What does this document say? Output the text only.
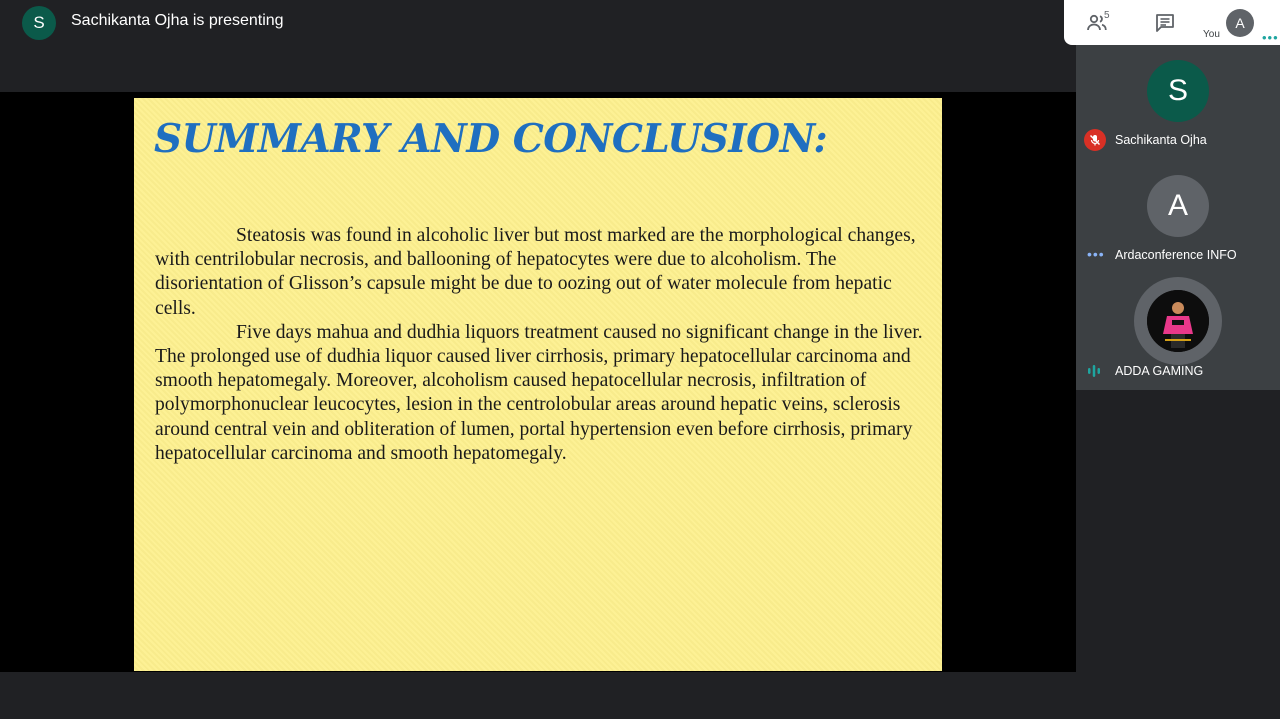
S	Sachikanta Ojha is presenting
SUMMARY AND CONCLUSION:

Steatosis was found in alcoholic liver but most marked are the morphological changes, with centrilobular necrosis, and ballooning of hepatocytes were due to alcoholism. The disorientation of Glisson’s capsule might be due to oozing out of water molecule from hepatic cells.

Five days mahua and dudhia liquors treatment caused no significant change in the liver. The prolonged use of dudhia liquor caused liver cirrhosis, primary hepatocellular carcinoma and smooth hepatomegaly. Moreover, alcoholism caused hepatocellular necrosis, infiltration of polymorphonuclear leucocytes, lesion in the centrolobular areas around hepatic veins, sclerosis around central vein and obliteration of lumen, portal hypertension even before cirrhosis, primary hepatocellular carcinoma and smooth hepatomegaly.

5	A
You	•••
S
Sachikanta Ojha
A
••• Ardaconference INFO
ADDA GAMING
